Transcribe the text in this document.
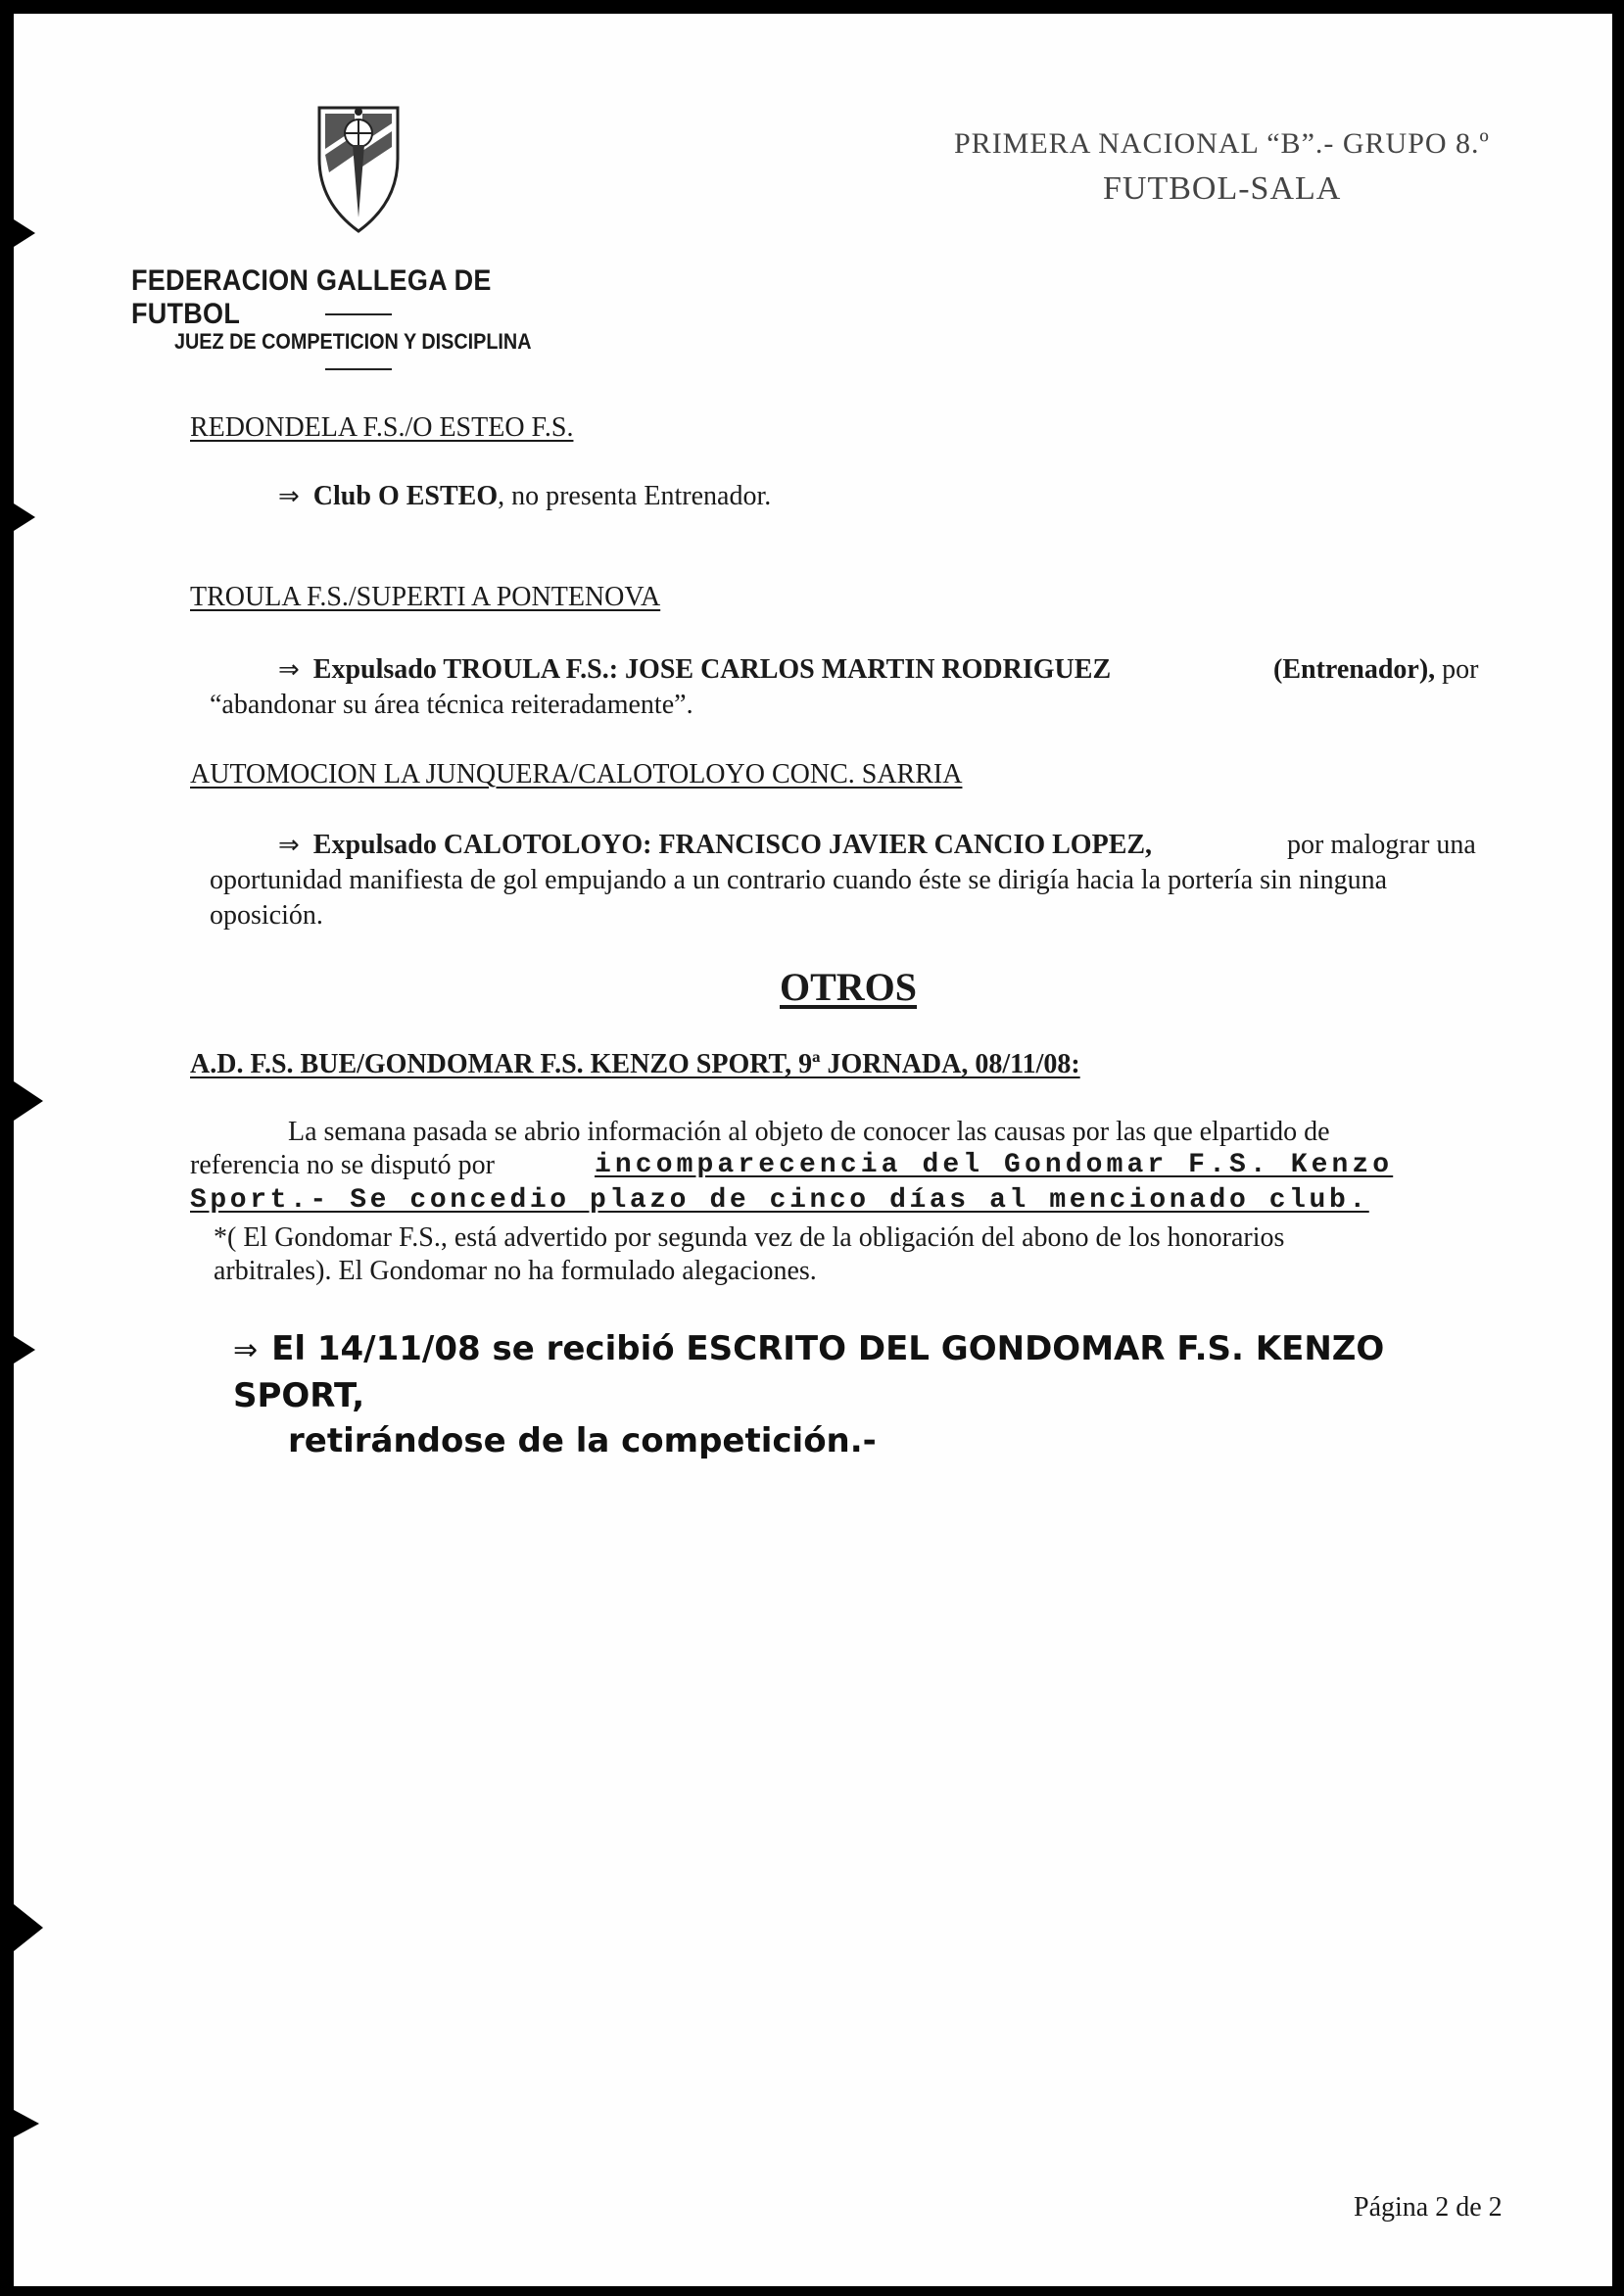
FEDERACION GALLEGA DE FUTBOL
JUEZ DE COMPETICION Y DISCIPLINA
PRIMERA NACIONAL “B”.- GRUPO 8.º
FUTBOL-SALA
REDONDELA F.S./O ESTEO F.S.
⇒ Club O ESTEO, no presenta Entrenador.
TROULA F.S./SUPERTI A PONTENOVA
⇒ Expulsado TROULA F.S.: JOSE CARLOS MARTIN RODRIGUEZ	(Entrenador), por
“abandonar su área técnica reiteradamente”.
AUTOMOCION LA JUNQUERA/CALOTOLOYO CONC. SARRIA
⇒ Expulsado CALOTOLOYO: FRANCISCO JAVIER CANCIO LOPEZ,	por malograr una
oportunidad manifiesta de gol empujando a un contrario cuando éste se dirigía hacia la portería sin ninguna
oposición.
OTROS
A.D. F.S. BUE/GONDOMAR F.S. KENZO SPORT, 9ª JORNADA, 08/11/08:
La semana pasada se abrio información al objeto de conocer las causas por las que elpartido de
referencia no se disputó por	incomparecencia del Gondomar F.S. Kenzo
Sport.- Se concedio plazo de cinco días al mencionado club.
*( El Gondomar F.S., está advertido por segunda vez de la obligación del abono de los honorarios
arbitrales). El Gondomar no ha formulado alegaciones.
⇒ El 14/11/08 se recibió ESCRITO DEL GONDOMAR F.S. KENZO SPORT,
retirándose de la competición.-
Página 2 de 2
